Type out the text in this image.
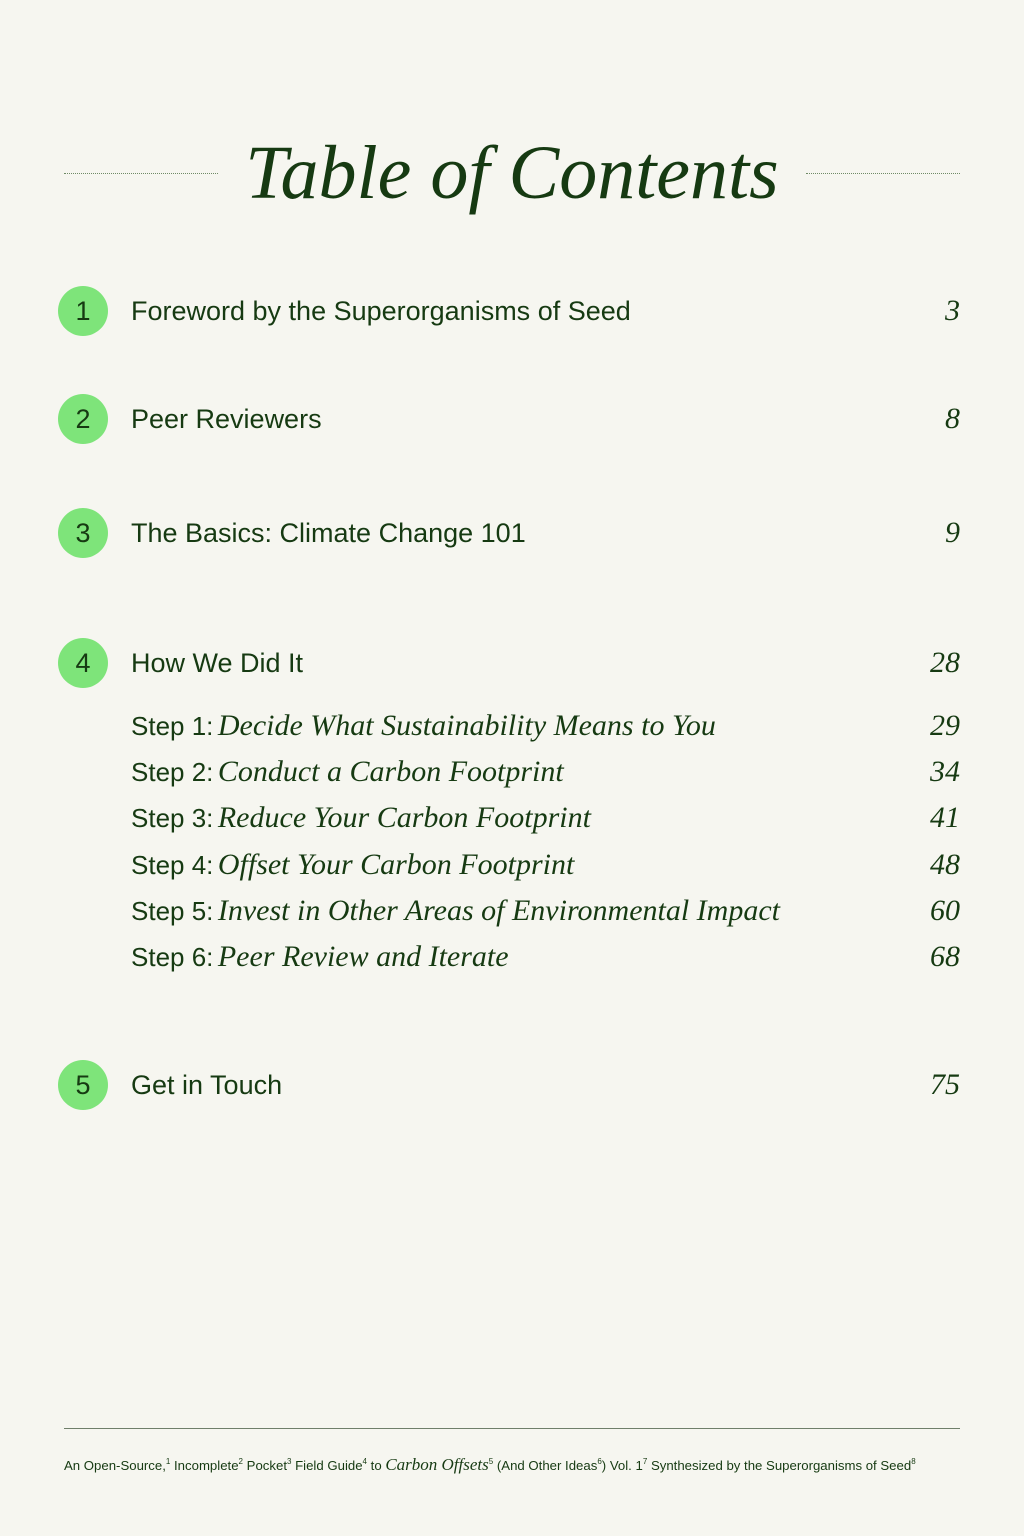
Table of Contents
1	Foreword by the Superorganisms of Seed	3
2	Peer Reviewers	8
3	The Basics: Climate Change 101	9
4	How We Did It	28
Step 1: Decide What Sustainability Means to You	29
Step 2: Conduct a Carbon Footprint	34
Step 3: Reduce Your Carbon Footprint	41
Step 4: Offset Your Carbon Footprint	48
Step 5: Invest in Other Areas of Environmental Impact	60
Step 6: Peer Review and Iterate	68
5	Get in Touch	75
An Open-Source,$^1$ Incomplete$^2$ Pocket$^3$ Field Guide$^4$ to Carbon Offsets$^5$ (And Other Ideas$^6$) Vol. $1^7$ Synthesized by the Superorganisms of Seed$^8$
